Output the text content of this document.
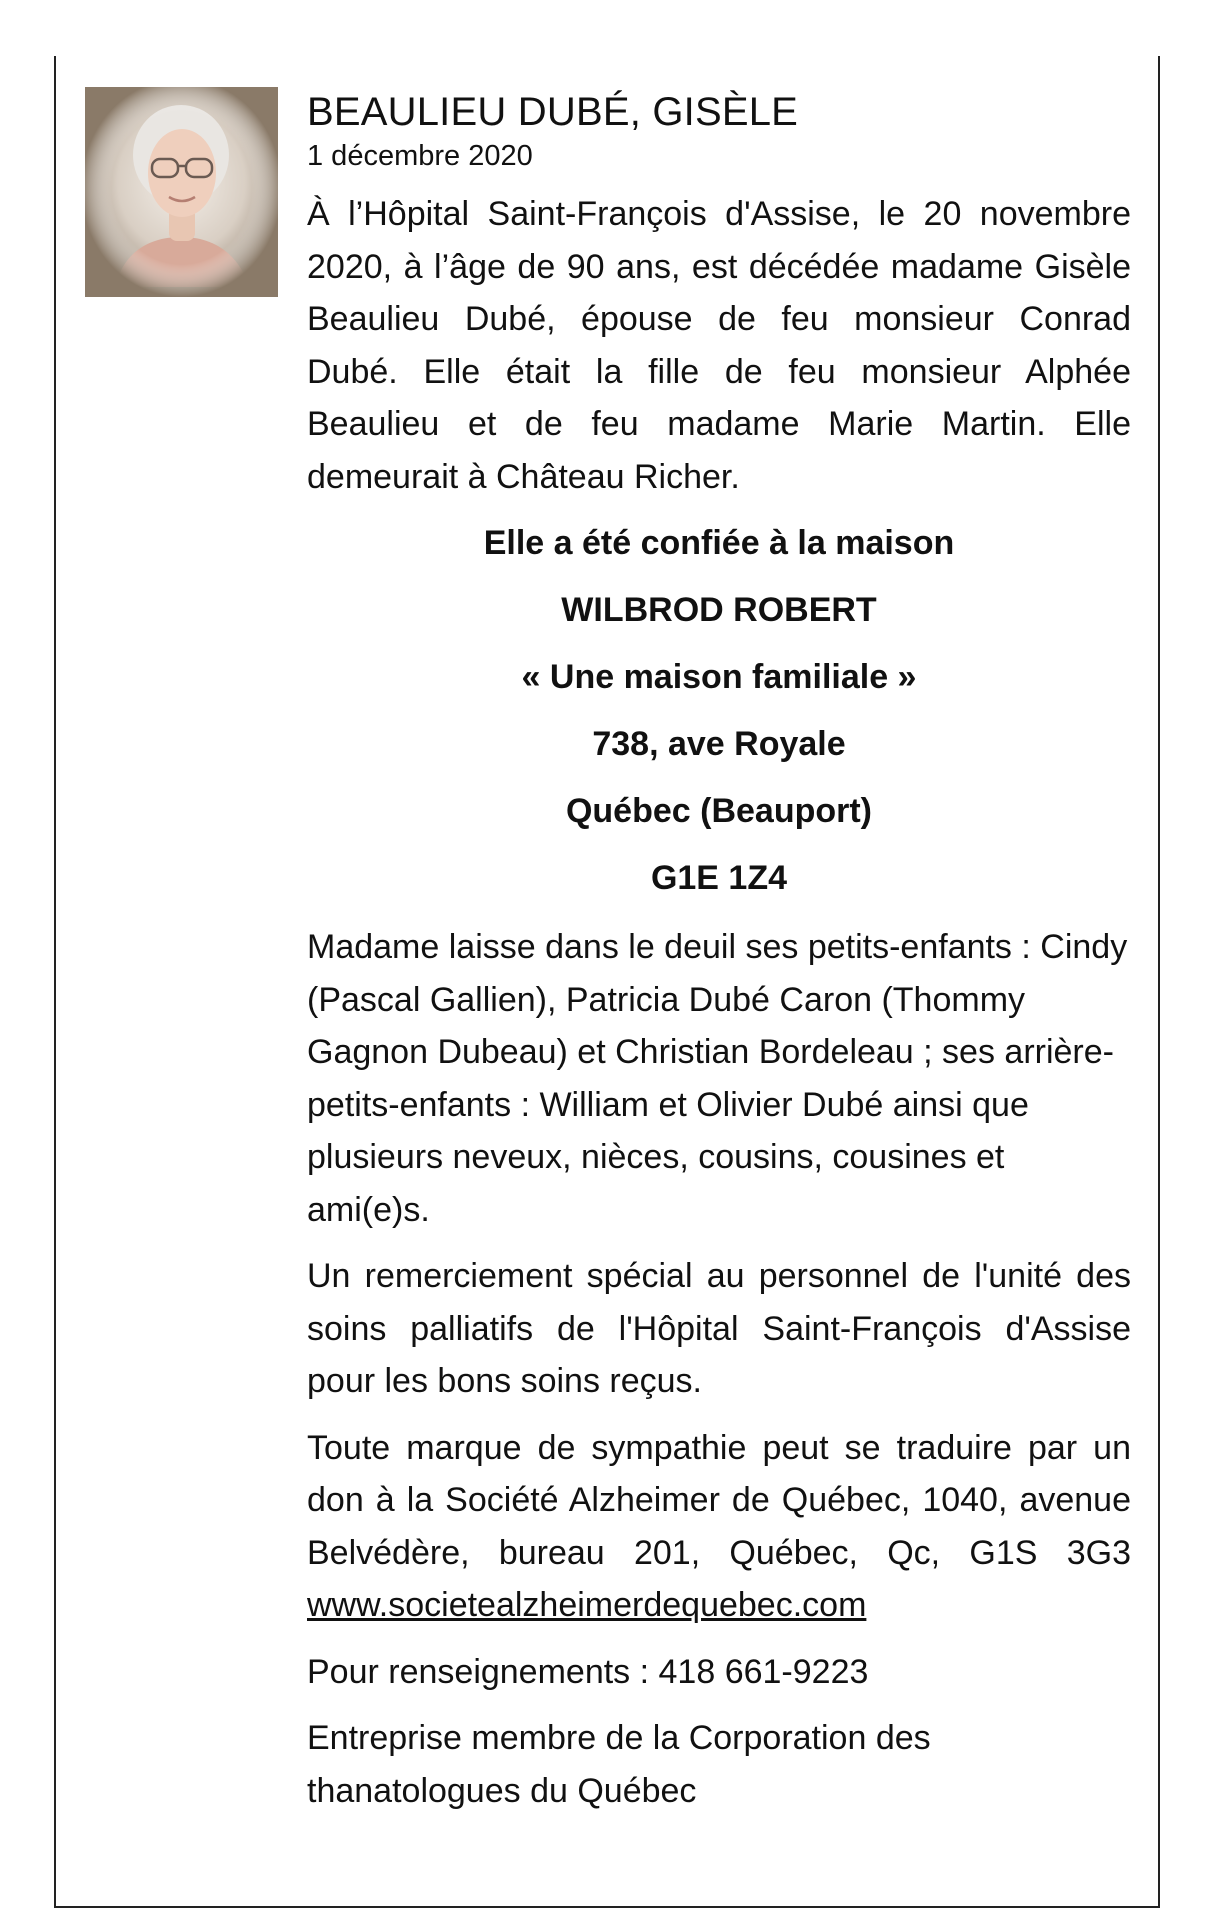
BEAULIEU DUBÉ, GISÈLE
1 décembre 2020

À l’Hôpital Saint-François d'Assise, le 20 novembre 2020, à l’âge de 90 ans, est décédée madame Gisèle Beaulieu Dubé, épouse de feu monsieur Conrad Dubé. Elle était la fille de feu monsieur Alphée Beaulieu et de feu madame Marie Martin. Elle demeurait à Château Richer.

Elle a été confiée à la maison
WILBROD ROBERT
« Une maison familiale »
738, ave Royale
Québec (Beauport)
G1E 1Z4

Madame laisse dans le deuil ses petits-enfants : Cindy (Pascal Gallien), Patricia Dubé Caron (Thommy Gagnon Dubeau) et Christian Bordeleau ; ses arrière-petits-enfants : William et Olivier Dubé ainsi que plusieurs neveux, nièces, cousins, cousines et ami(e)s.

Un remerciement spécial au personnel de l'unité des soins palliatifs de l'Hôpital Saint-François d'Assise pour les bons soins reçus.

Toute marque de sympathie peut se traduire par un don à la Société Alzheimer de Québec, 1040, avenue Belvédère, bureau 201, Québec, Qc, G1S 3G3 www.societealzheimerdequebec.com

Pour renseignements : 418 661-9223

Entreprise membre de la Corporation des thanatologues du Québec
